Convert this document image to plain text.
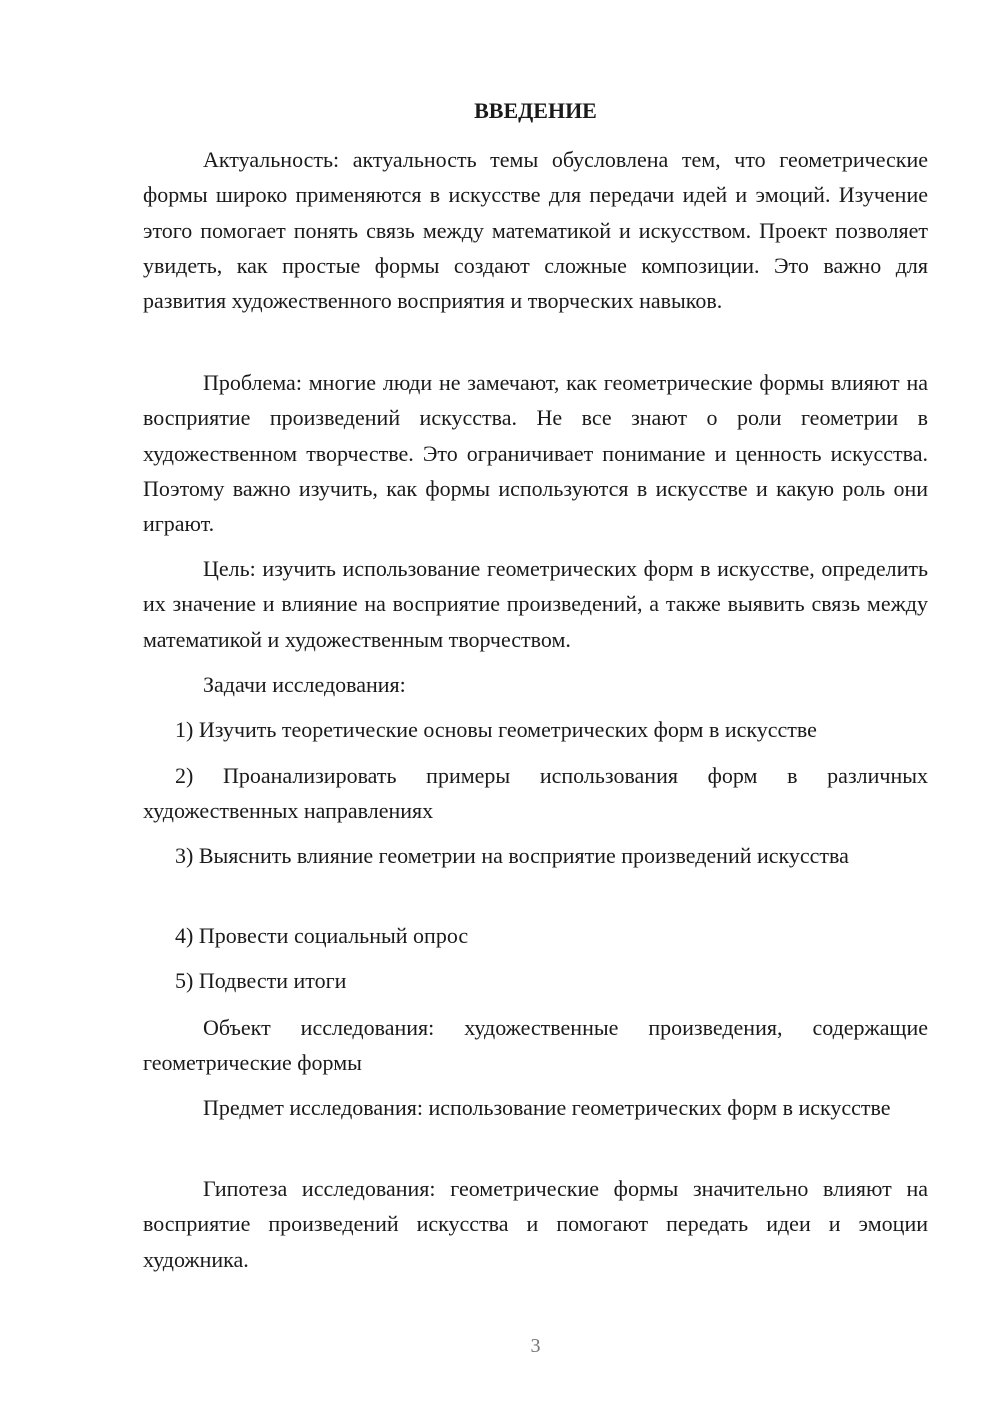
ВВЕДЕНИЕ

Актуальность: актуальность темы обусловлена тем, что геометрические формы широко применяются в искусстве для передачи идей и эмоций. Изучение этого помогает понять связь между математикой и искусством. Проект позволяет увидеть, как простые формы создают сложные композиции. Это важно для развития художественного восприятия и творческих навыков.

Проблема: многие люди не замечают, как геометрические формы влияют на восприятие произведений искусства. Не все знают о роли геометрии в художественном творчестве. Это ограничивает понимание и ценность искусства. Поэтому важно изучить, как формы используются в искусстве и какую роль они играют.

Цель: изучить использование геометрических форм в искусстве, определить их значение и влияние на восприятие произведений, а также выявить связь между математикой и художественным творчеством.

Задачи исследования:

1) Изучить теоретические основы геометрических форм в искусстве

2) Проанализировать примеры использования форм в различных художественных направлениях

3) Выяснить влияние геометрии на восприятие произведений искусства

4) Провести социальный опрос

5) Подвести итоги

Объект исследования: художественные произведения, содержащие геометрические формы

Предмет исследования: использование геометрических форм в искусстве

Гипотеза исследования: геометрические формы значительно влияют на восприятие произведений искусства и помогают передать идеи и эмоции художника.

3
